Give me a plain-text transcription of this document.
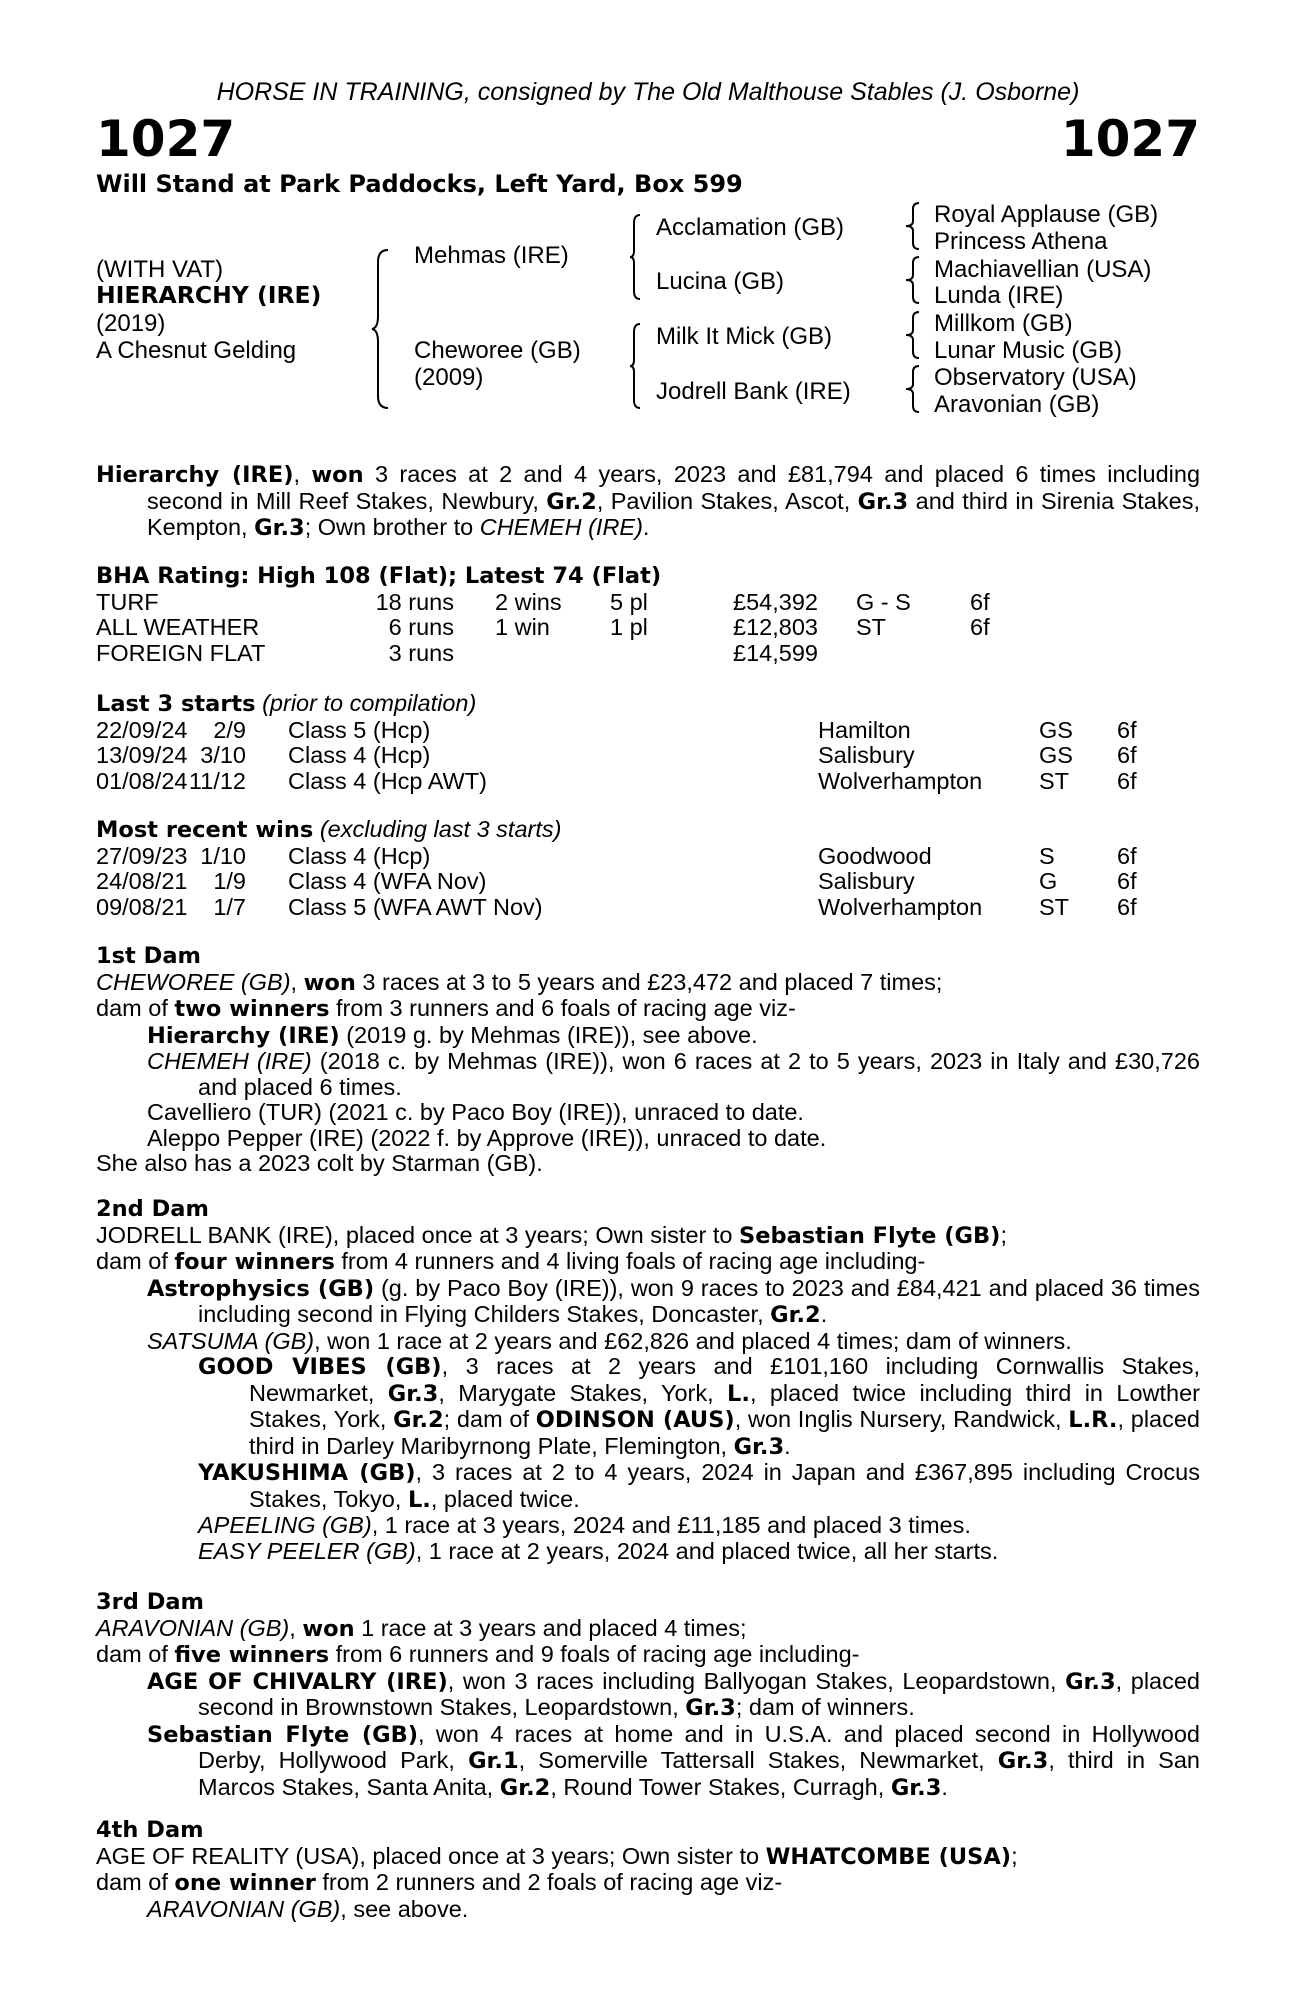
HORSE IN TRAINING, consigned by The Old Malthouse Stables (J. Osborne)
1027	1027
Will Stand at Park Paddocks, Left Yard, Box 599
(WITH VAT)
HIERARCHY (IRE)
(2019)
A Chesnut Gelding
Mehmas (IRE)
Cheworee (GB)
(2009)
Acclamation (GB)
Lucina (GB)
Milk It Mick (GB)
Jodrell Bank (IRE)
Royal Applause (GB)
Princess Athena
Machiavellian (USA)
Lunda (IRE)
Millkom (GB)
Lunar Music (GB)
Observatory (USA)
Aravonian (GB)
Hierarchy (IRE), won 3 races at 2 and 4 years, 2023 and £81,794 and placed 6 times including second in Mill Reef Stakes, Newbury, Gr.2, Pavilion Stakes, Ascot, Gr.3 and third in Sirenia Stakes, Kempton, Gr.3; Own brother to CHEMEH (IRE).
BHA Rating: High 108 (Flat); Latest 74 (Flat)
TURF	18 runs 2 wins 5 pl	£54,392 G - S	6f
ALL WEATHER	6 runs 1 win	1 pl	£12,803 ST	6f
FOREIGN FLAT	3 runs	£14,599
Last 3 starts (prior to compilation)
22/09/24 2/9 Class 5 (Hcp)	Hamilton	GS 6f
13/09/24 3/10 Class 4 (Hcp)	Salisbury	GS 6f
01/08/24 11/12 Class 4 (Hcp AWT)	Wolverhampton ST 6f
Most recent wins (excluding last 3 starts)
27/09/23 1/10 Class 4 (Hcp)	Goodwood	S	6f
24/08/21 1/9 Class 4 (WFA Nov)	Salisbury	G	6f
09/08/21 1/7 Class 5 (WFA AWT Nov)	Wolverhampton ST 6f
1st Dam
CHEWOREE (GB), won 3 races at 3 to 5 years and £23,472 and placed 7 times;
dam of two winners from 3 runners and 6 foals of racing age viz-
Hierarchy (IRE) (2019 g. by Mehmas (IRE)), see above.
CHEMEH (IRE) (2018 c. by Mehmas (IRE)), won 6 races at 2 to 5 years, 2023 in Italy and £30,726 and placed 6 times.
Cavelliero (TUR) (2021 c. by Paco Boy (IRE)), unraced to date.
Aleppo Pepper (IRE) (2022 f. by Approve (IRE)), unraced to date.
She also has a 2023 colt by Starman (GB).
2nd Dam
JODRELL BANK (IRE), placed once at 3 years; Own sister to Sebastian Flyte (GB);
dam of four winners from 4 runners and 4 living foals of racing age including-
Astrophysics (GB) (g. by Paco Boy (IRE)), won 9 races to 2023 and £84,421 and placed 36 times including second in Flying Childers Stakes, Doncaster, Gr.2.
SATSUMA (GB), won 1 race at 2 years and £62,826 and placed 4 times; dam of winners.
GOOD VIBES (GB), 3 races at 2 years and £101,160 including Cornwallis Stakes, Newmarket, Gr.3, Marygate Stakes, York, L., placed twice including third in Lowther Stakes, York, Gr.2; dam of ODINSON (AUS), won Inglis Nursery, Randwick, L.R., placed third in Darley Maribyrnong Plate, Flemington, Gr.3.
YAKUSHIMA (GB), 3 races at 2 to 4 years, 2024 in Japan and £367,895 including Crocus Stakes, Tokyo, L., placed twice.
APEELING (GB), 1 race at 3 years, 2024 and £11,185 and placed 3 times.
EASY PEELER (GB), 1 race at 2 years, 2024 and placed twice, all her starts.
3rd Dam
ARAVONIAN (GB), won 1 race at 3 years and placed 4 times;
dam of five winners from 6 runners and 9 foals of racing age including-
AGE OF CHIVALRY (IRE), won 3 races including Ballyogan Stakes, Leopardstown, Gr.3, placed second in Brownstown Stakes, Leopardstown, Gr.3; dam of winners.
Sebastian Flyte (GB), won 4 races at home and in U.S.A. and placed second in Hollywood Derby, Hollywood Park, Gr.1, Somerville Tattersall Stakes, Newmarket, Gr.3, third in San Marcos Stakes, Santa Anita, Gr.2, Round Tower Stakes, Curragh, Gr.3.
4th Dam
AGE OF REALITY (USA), placed once at 3 years; Own sister to WHATCOMBE (USA);
dam of one winner from 2 runners and 2 foals of racing age viz-
ARAVONIAN (GB), see above.
